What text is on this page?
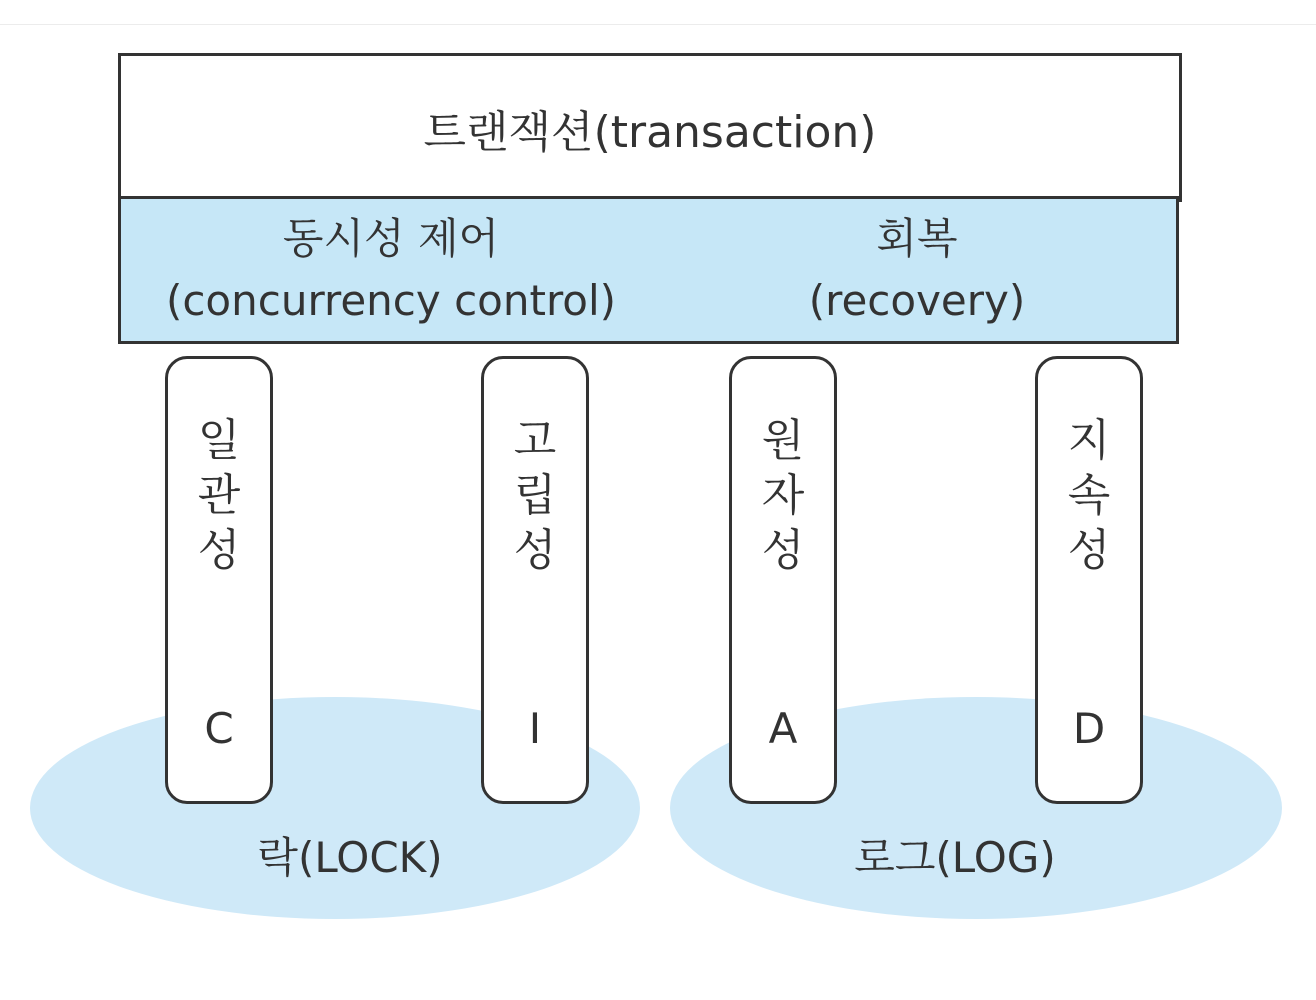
트랜잭션(transaction)
동시성 제어
(concurrency control)
회복
(recovery)
일관성
C
고립성
I
원자성
A
지속성
D
락(LOCK)	로그(LOG)
